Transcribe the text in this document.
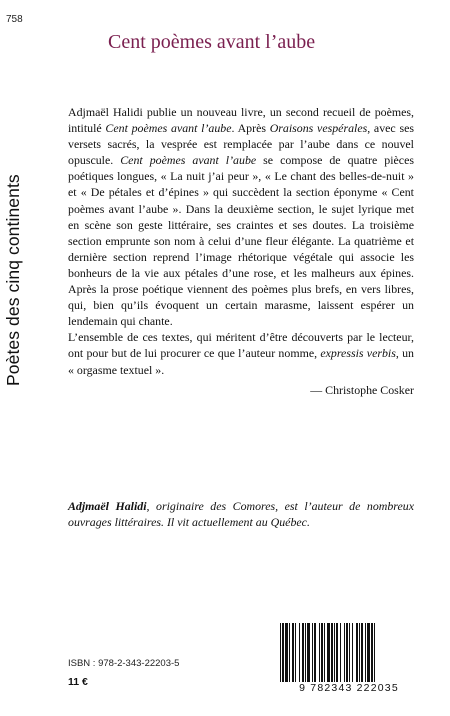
758
Poètes des cinq continents
Cent poèmes avant l’aube

Adjmaël Halidi publie un nouveau livre, un second recueil de poèmes, intitulé Cent poèmes avant l’aube. Après Oraisons vespérales, avec ses versets sacrés, la vesprée est remplacée par l’aube dans ce nouvel opuscule. Cent poèmes avant l’aube se compose de quatre pièces poétiques longues, « La nuit j’ai peur », « Le chant des belles-de-nuit » et « De pétales et d’épines » qui succèdent la section éponyme « Cent poèmes avant l’aube ». Dans la deuxième section, le sujet lyrique met en scène son geste littéraire, ses craintes et ses doutes. La troisième section emprunte son nom à celui d’une fleur élégante. La quatrième et dernière section reprend l’image rhétorique végétale qui associe les bonheurs de la vie aux pétales d’une rose, et les malheurs aux épines. Après la prose poétique viennent des poèmes plus brefs, en vers libres, qui, bien qu’ils évoquent un certain marasme, laissent espérer un lendemain qui chante.

L’ensemble de ces textes, qui méritent d’être découverts par le lecteur, ont pour but de lui procurer ce que l’auteur nomme, expressis verbis, un « orgasme textuel ».

— Christophe Cosker

Adjmaël Halidi, originaire des Comores, est l’auteur de nombreux ouvrages littéraires. Il vit actuellement au Québec.
ISBN : 978-2-343-22203-5
11 €	9 782343 222035
